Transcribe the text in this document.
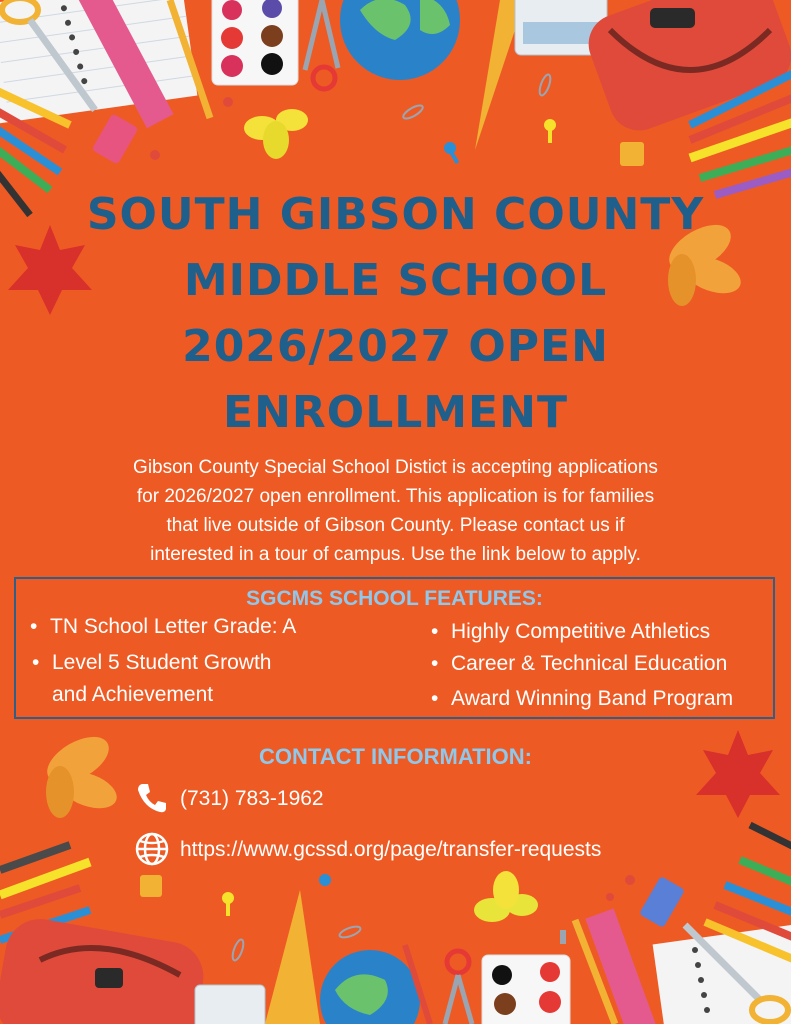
SOUTH GIBSON COUNTY
MIDDLE SCHOOL
2026/2027 OPEN
ENROLLMENT

Gibson County Special School Distict is accepting applications
for 2026/2027 open enrollment. This application is for families
that live outside of Gibson County. Please contact us if
interested in a tour of campus. Use the link below to apply.

SGCMS SCHOOL FEATURES:
• TN School Letter Grade: A
• Level 5 Student Growth
and Achievement
• Highly Competitive Athletics
• Career & Technical Education
• Award Winning Band Program
CONTACT INFORMATION:
(731) 783-1962
https://www.gcssd.org/page/transfer-requests
